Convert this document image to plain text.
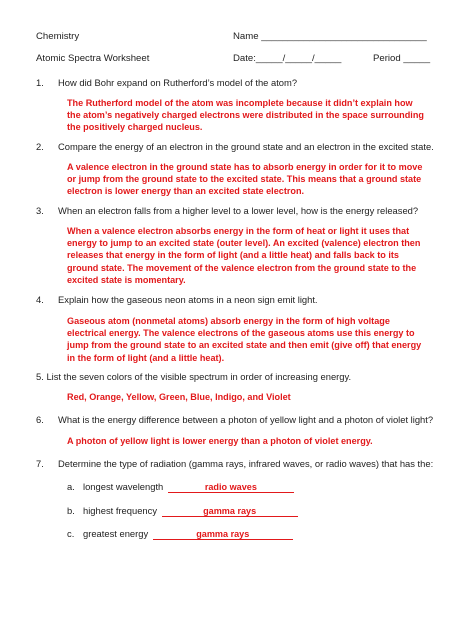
Chemistry	Name _______________________________
Atomic Spectra Worksheet	Date:_____/_____/_____	Period _____
1. How did Bohr expand on Rutherford’s model of the atom?
The Rutherford model of the atom was incomplete because it didn’t explain how
the atom’s negatively charged electrons were distributed in the space surrounding
the positively charged nucleus.
2. Compare the energy of an electron in the ground state and an electron in the excited state.
A valence electron in the ground state has to absorb energy in order for it to move
or jump from the ground state to the excited state. This means that a ground state
electron is lower energy than an excited state electron.
3. When an electron falls from a higher level to a lower level, how is the energy released?
When a valence electron absorbs energy in the form of heat or light it uses that
energy to jump to an excited state (outer level). An excited (valence) electron then
releases that energy in the form of light (and a little heat) and falls back to its
ground state. The movement of the valence electron from the ground state to the
excited state is momentary.
4. Explain how the gaseous neon atoms in a neon sign emit light.
Gaseous atom (nonmetal atoms) absorb energy in the form of high voltage
electrical energy. The valence electrons of the gaseous atoms use this energy to
jump from the ground state to an excited state and then emit (give off) that energy
in the form of light (and a little heat).
5. List the seven colors of the visible spectrum in order of increasing energy.
Red, Orange, Yellow, Green, Blue, Indigo, and Violet
6. What is the energy difference between a photon of yellow light and a photon of violet light?
A photon of yellow light is lower energy than a photon of violet energy.
7. Determine the type of radiation (gamma rays, infrared waves, or radio waves) that has the:
a. longest wavelength	radio waves
b. highest frequency	gamma rays
c. greatest energy	gamma rays
